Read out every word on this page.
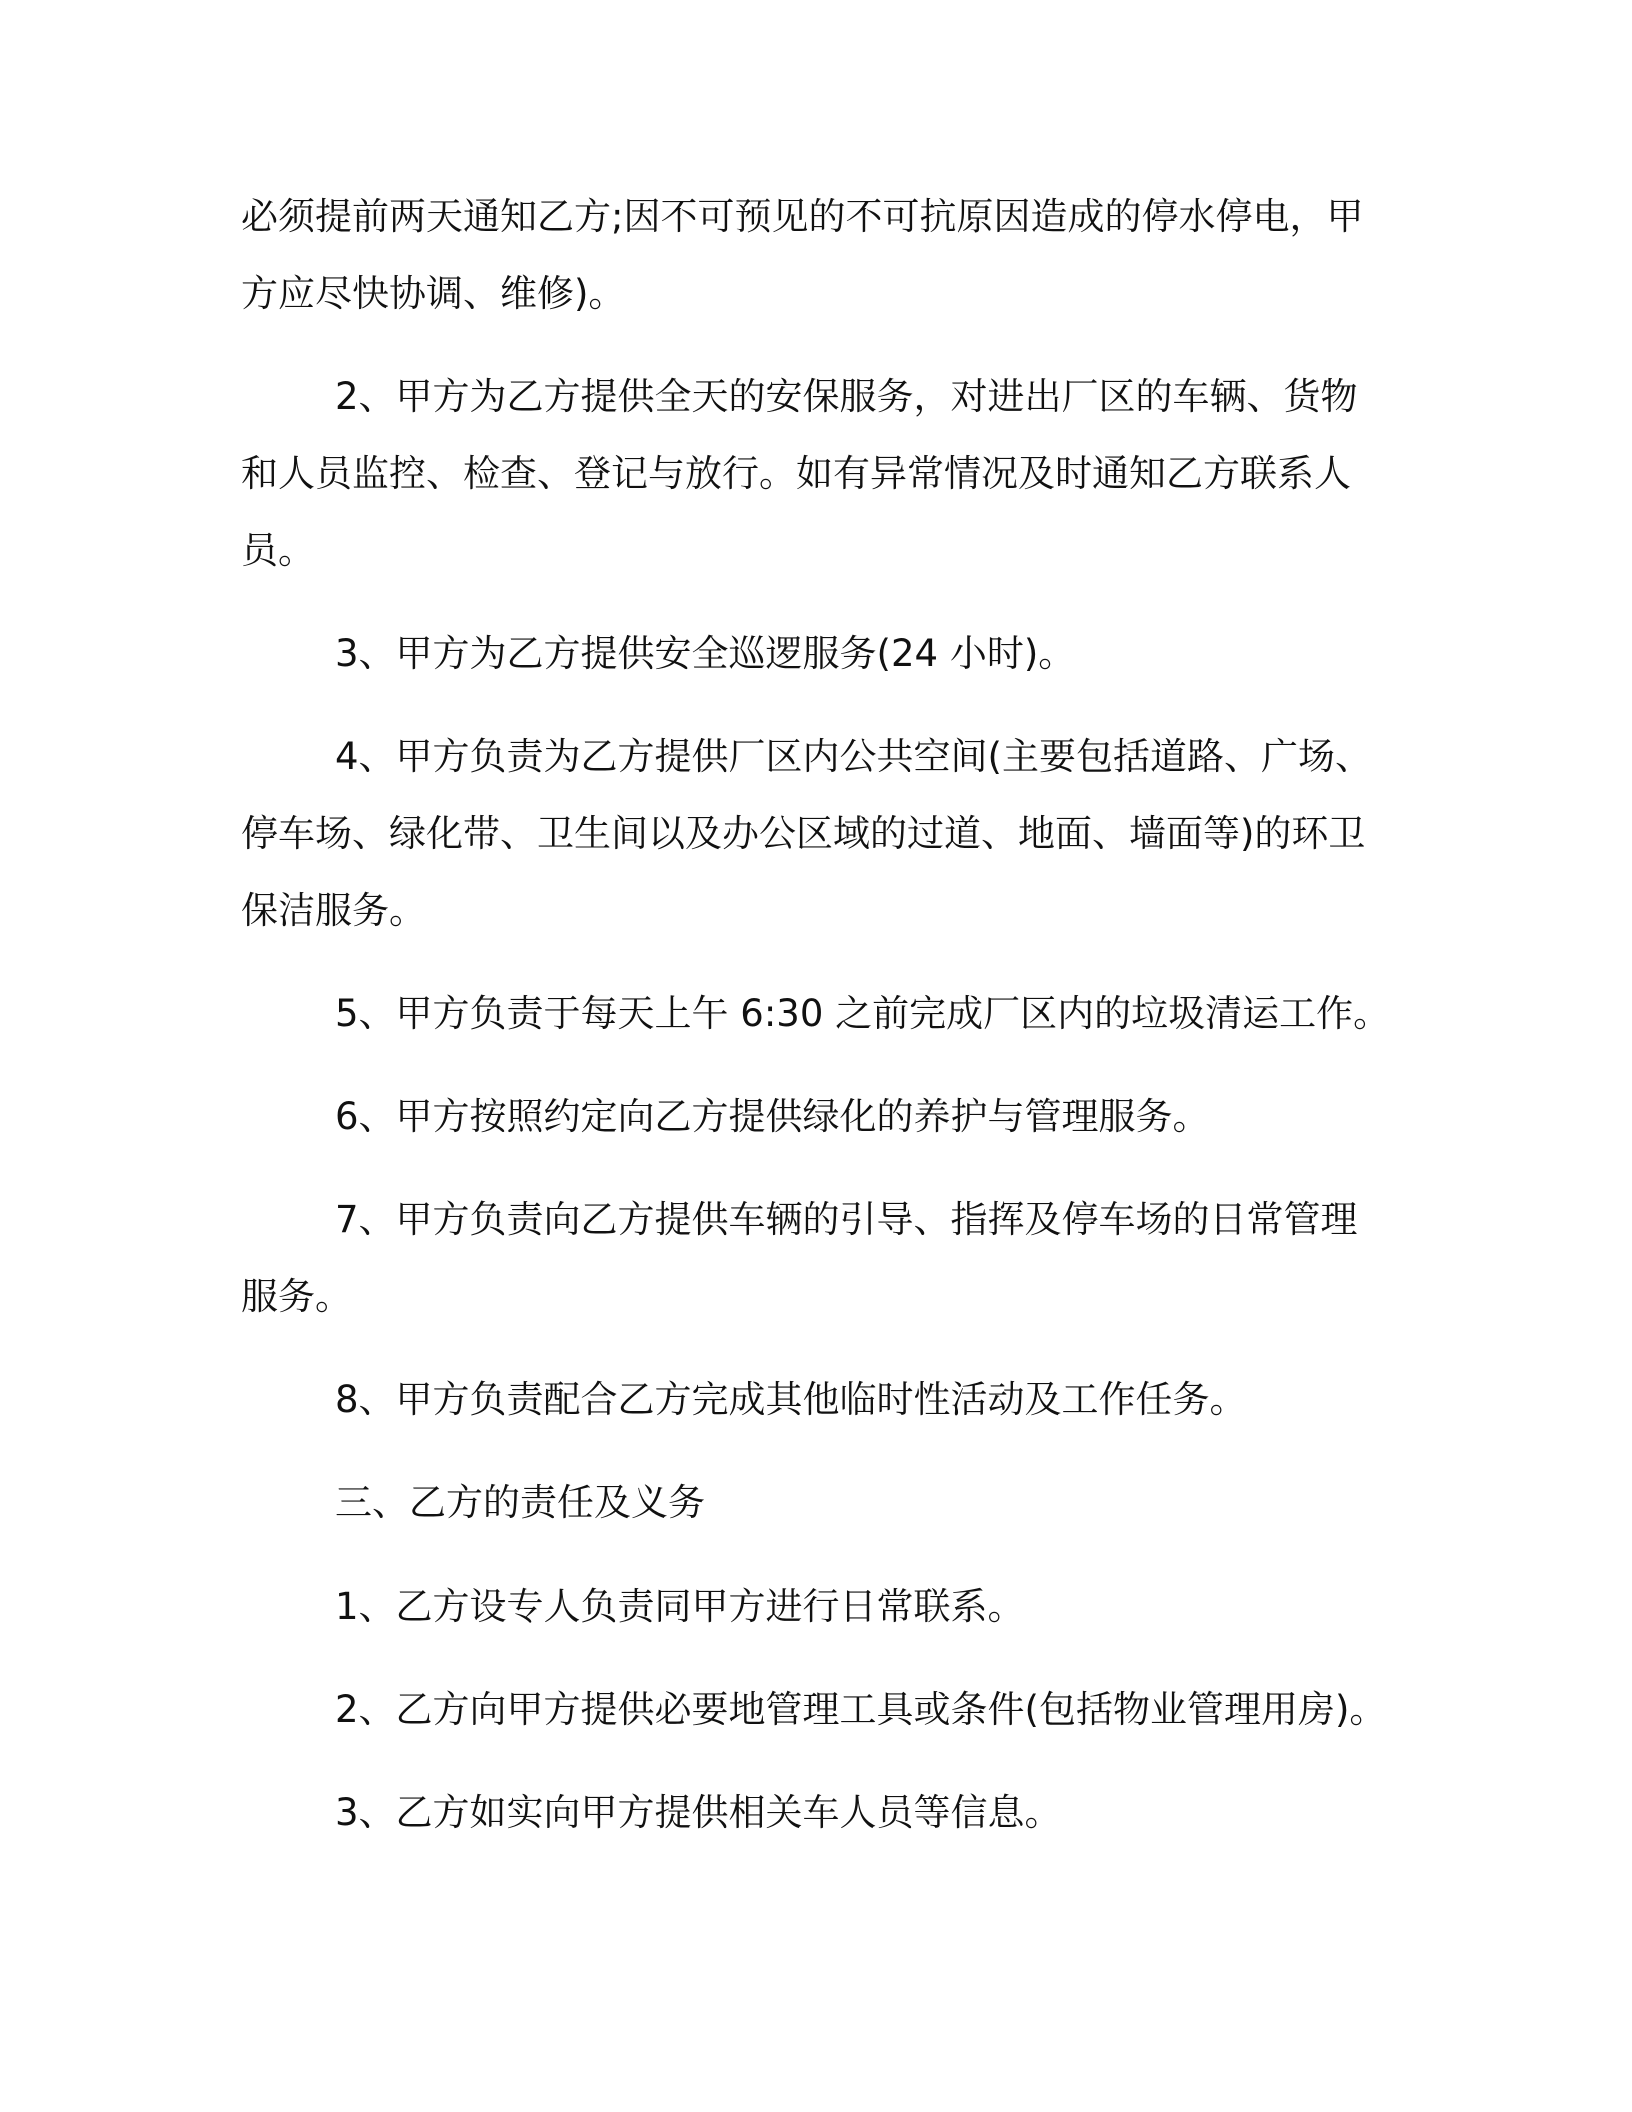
必须提前两天通知乙方;因不可预见的不可抗原因造成的停水停电，甲
方应尽快协调、维修)。
2、甲方为乙方提供全天的安保服务，对进出厂区的车辆、货物
和人员监控、检查、登记与放行。如有异常情况及时通知乙方联系人
员。
3、甲方为乙方提供安全巡逻服务(24 小时)。
4、甲方负责为乙方提供厂区内公共空间(主要包括道路、广场、
停车场、绿化带、卫生间以及办公区域的过道、地面、墙面等)的环卫
保洁服务。
5、甲方负责于每天上午 6:30 之前完成厂区内的垃圾清运工作。
6、甲方按照约定向乙方提供绿化的养护与管理服务。
7、甲方负责向乙方提供车辆的引导、指挥及停车场的日常管理
服务。
8、甲方负责配合乙方完成其他临时性活动及工作任务。
三、乙方的责任及义务
1、乙方设专人负责同甲方进行日常联系。
2、乙方向甲方提供必要地管理工具或条件(包括物业管理用房)。
3、乙方如实向甲方提供相关车人员等信息。
